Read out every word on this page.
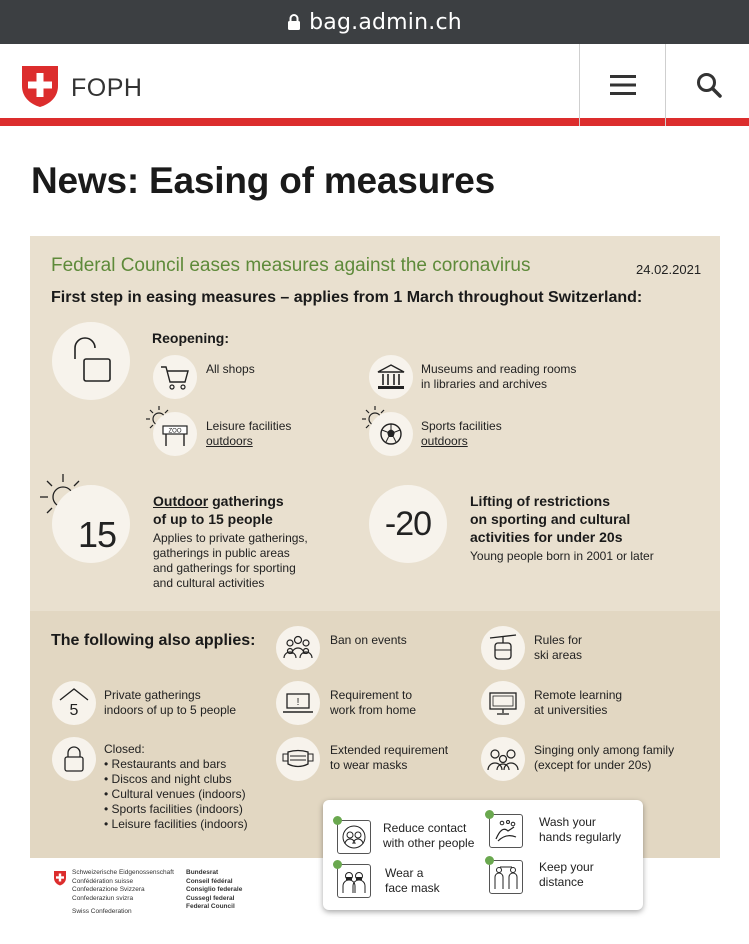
bag.admin.ch
FOPH
News: Easing of measures
Federal Council eases measures against the coronavirus	24.02.2021
First step in easing measures – applies from 1 March throughout Switzerland:
Reopening:
All shops	Museums and reading rooms
in libraries and archives
ZOO Leisure facilities
outdoors
Sports facilities
outdoors
15
Outdoor gatherings
of up to 15 people
Applies to private gatherings,
gatherings in public areas
and gatherings for sporting
and cultural activities
-20
Lifting of restrictions
on sporting and cultural
activities for under 20s
Young people born in 2001 or later
The following also applies:
5
Private gatherings
indoors of up to 5 people
Closed:
• Restaurants and bars
• Discos and night clubs
• Cultural venues (indoors)
• Sports facilities (indoors)
• Leisure facilities (indoors)
Ban on events
!
Requirement to
work from home
Extended requirement
to wear masks
Rules for
ski areas
Remote learning
at universities
Singing only among family
(except for under 20s)
Schweizerische Eidgenossenschaft
Confédération suisse
Confederazione Svizzera
Confederaziun svizra
Swiss Confederation
Bundesrat
Conseil fédéral
Consiglio federale
Cussegl federal
Federal Council
Reduce contact
with other people
Wash your
hands regularly
Wear a
face mask
Keep your
distance
